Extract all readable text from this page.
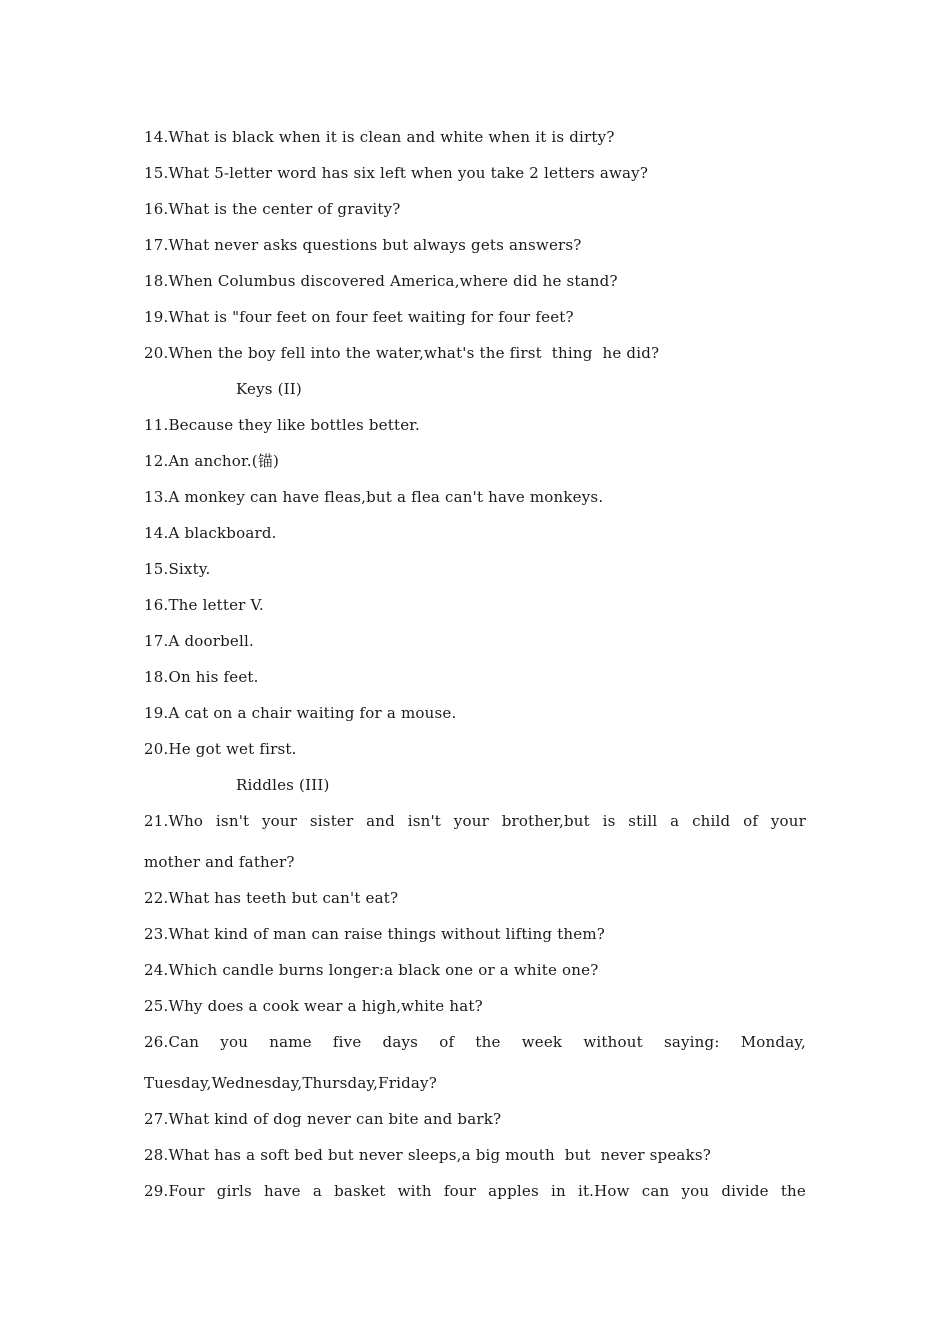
14.What is black when it is clean and white when it is dirty?
15.What 5-letter word has six left when you take 2 letters away?
16.What is the center of gravity?
17.What never asks questions but always gets answers?
18.When Columbus discovered America,where did he stand?
19.What is "four feet on four feet waiting for four feet?
20.When the boy fell into the water,what's the first  thing  he did?
Keys (II)
11.Because they like bottles better.
12.An anchor.(锚)
13.A monkey can have fleas,but a flea can't have monkeys.
14.A blackboard.
15.Sixty.
16.The letter V.
17.A doorbell.
18.On his feet.
19.A cat on a chair waiting for a mouse.
20.He got wet first.
Riddles (III)
21.Who isn't your sister and isn't your brother,but is still a child of your
mother and father?
22.What has teeth but can't eat?
23.What kind of man can raise things without lifting them?
24.Which candle burns longer:a black one or a white one?
25.Why does a cook wear a high,white hat?
26.Can you name five days of the week without saying: Monday,
Tuesday,Wednesday,Thursday,Friday?
27.What kind of dog never can bite and bark?
28.What has a soft bed but never sleeps,a big mouth  but  never speaks?
29.Four girls have a basket with four apples in it.How can you divide the
